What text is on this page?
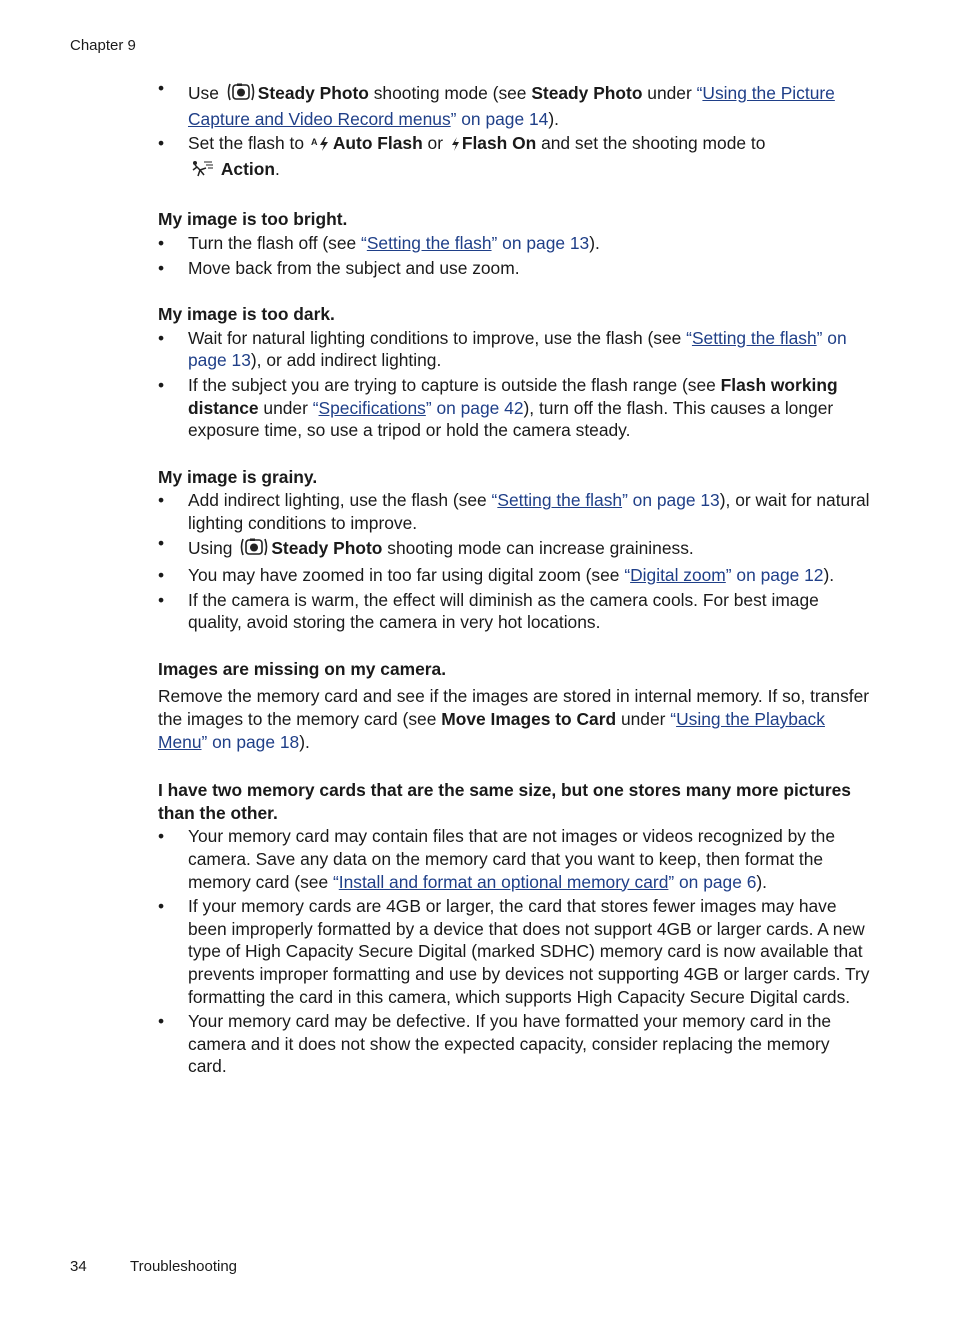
Chapter 9
• Use Steady Photo shooting mode (see Steady Photo under “Using the Picture Capture and Video Record menus” on page 14).
• Set the flash to A Auto Flash or Flash On and set the shooting mode to
Action.
My image is too bright.
• Turn the flash off (see “Setting the flash” on page 13).
• Move back from the subject and use zoom.
My image is too dark.
• Wait for natural lighting conditions to improve, use the flash (see “Setting the flash” on page 13), or add indirect lighting.
• If the subject you are trying to capture is outside the flash range (see Flash working distance under “Specifications” on page 42), turn off the flash. This causes a longer exposure time, so use a tripod or hold the camera steady.
My image is grainy.
• Add indirect lighting, use the flash (see “Setting the flash” on page 13), or wait for natural lighting conditions to improve.
• Using Steady Photo shooting mode can increase graininess.
• You may have zoomed in too far using digital zoom (see “Digital zoom” on page 12).
• If the camera is warm, the effect will diminish as the camera cools. For best image quality, avoid storing the camera in very hot locations.
Images are missing on my camera.

Remove the memory card and see if the images are stored in internal memory. If so, transfer the images to the memory card (see Move Images to Card under “Using the Playback Menu” on page 18).

I have two memory cards that are the same size, but one stores many more pictures than the other.
• Your memory card may contain files that are not images or videos recognized by the camera. Save any data on the memory card that you want to keep, then format the memory card (see “Install and format an optional memory card” on page 6).
• If your memory cards are 4GB or larger, the card that stores fewer images may have been improperly formatted by a device that does not support 4GB or larger cards. A new type of High Capacity Secure Digital (marked SDHC) memory card is now available that prevents improper formatting and use by devices not supporting 4GB or larger cards. Try formatting the card in this camera, which supports High Capacity Secure Digital cards.
• Your memory card may be defective. If you have formatted your memory card in the camera and it does not show the expected capacity, consider replacing the memory card.
34	Troubleshooting
